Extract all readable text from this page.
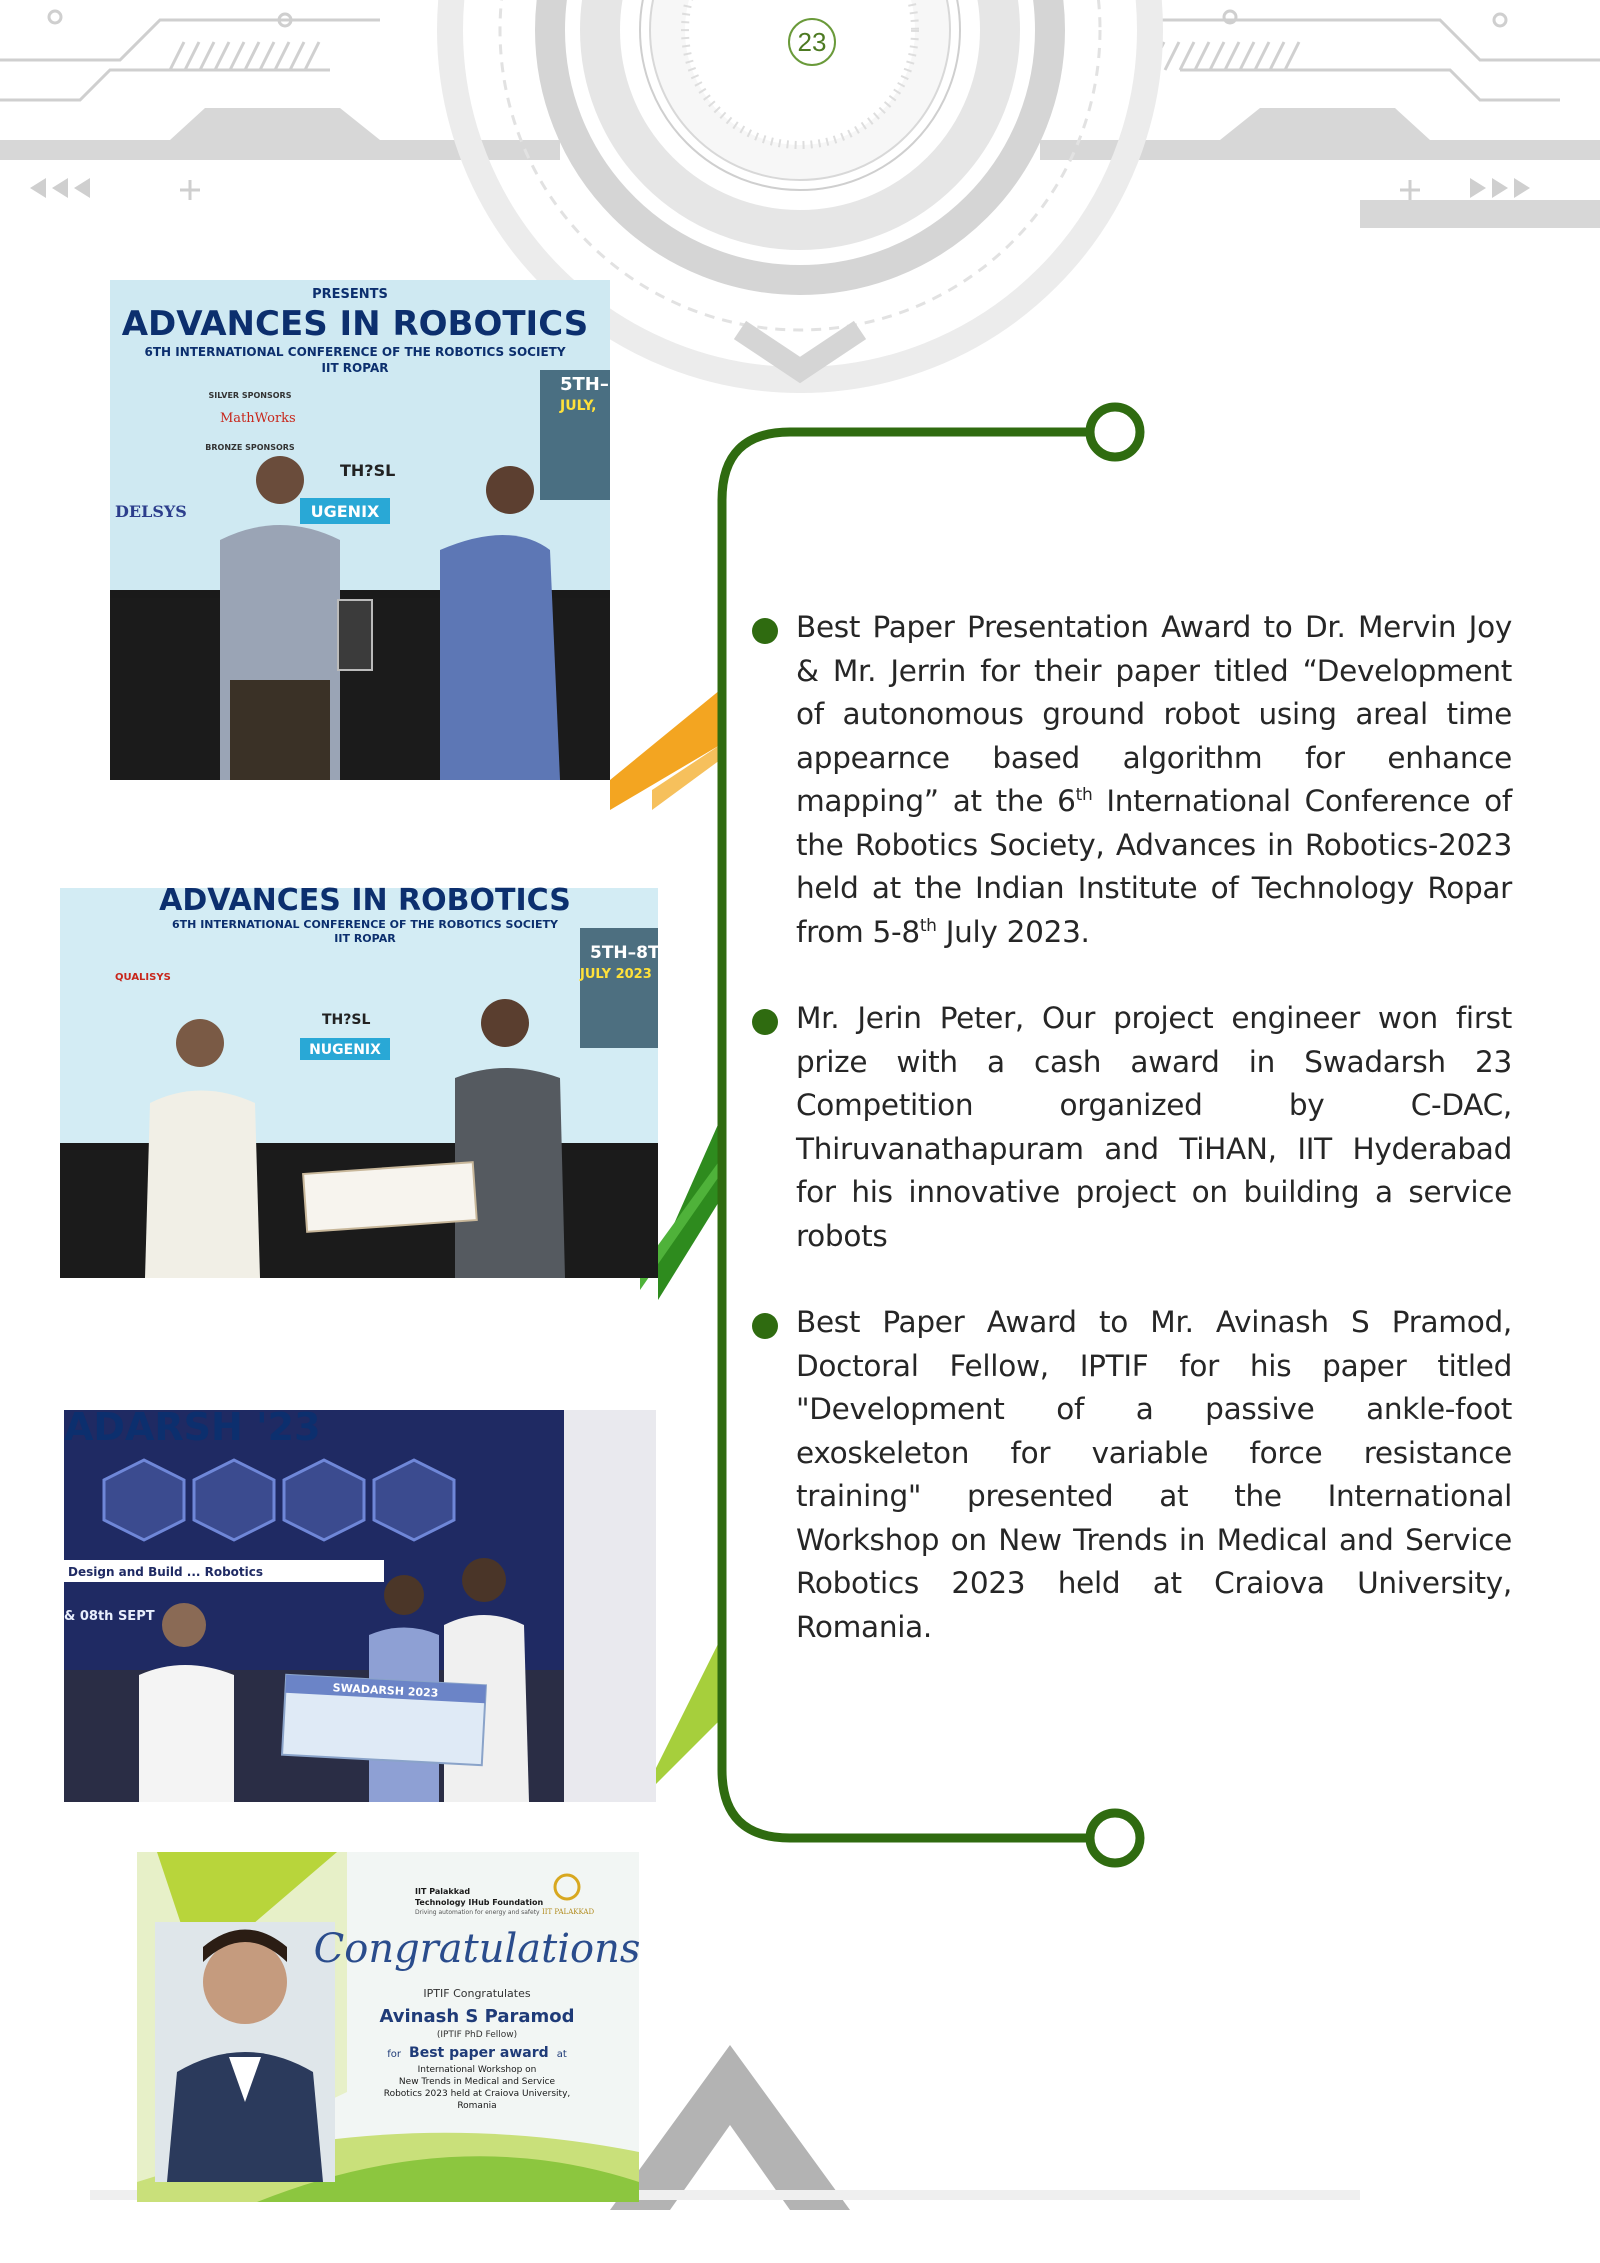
23
PRESENTS
ADVANCES IN ROBOTICS
6TH INTERNATIONAL CONFERENCE OF THE ROBOTICS SOCIETY
IIT ROPAR
SILVER SPONSORS
MathWorks
BRONZE SPONSORS
TH?SL
DELSYS	UGENIX
5TH–
JULY,
ADVANCES IN ROBOTICS
6TH INTERNATIONAL CONFERENCE OF THE ROBOTICS SOCIETY
IIT ROPAR
5TH–8TH
JULY 2023
QUALISYS
TH?SL
NUGENIX
ADARSH '23
Design and Build ... Robotics
& 08th SEPT
SWADARSH 2023
IIT Palakkad
Technology IHub Foundation
Driving automation for energy and safety IIT PALAKKAD
Congratulations
IPTIF Congratulates
Avinash S Paramod
(IPTIF PhD Fellow)
for Best paper award at
International Workshop on
New Trends in Medical and Service
Robotics 2023 held at Craiova University,
Romania

Best Paper Presentation Award to Dr. Mervin Joy & Mr. Jerrin for their paper titled “Development of autonomous ground robot using areal time appearnce based algorithm for enhance mapping” at the 6th International Conference of the Robotics Society, Advances in Robotics-2023 held at the Indian Institute of Technology Ropar from 5-8th July 2023.

Mr. Jerin Peter, Our project engineer won first prize with a cash award in Swadarsh 23 Competition organized by C-DAC, Thiruvanathapuram and TiHAN, IIT Hyderabad for his innovative project on building a service robots

Best Paper Award to Mr. Avinash S Pramod, Doctoral Fellow, IPTIF for his paper titled "Development of a passive ankle-foot exoskeleton for variable force resistance training" presented at the International Workshop on New Trends in Medical and Service Robotics 2023 held at Craiova University, Romania.
